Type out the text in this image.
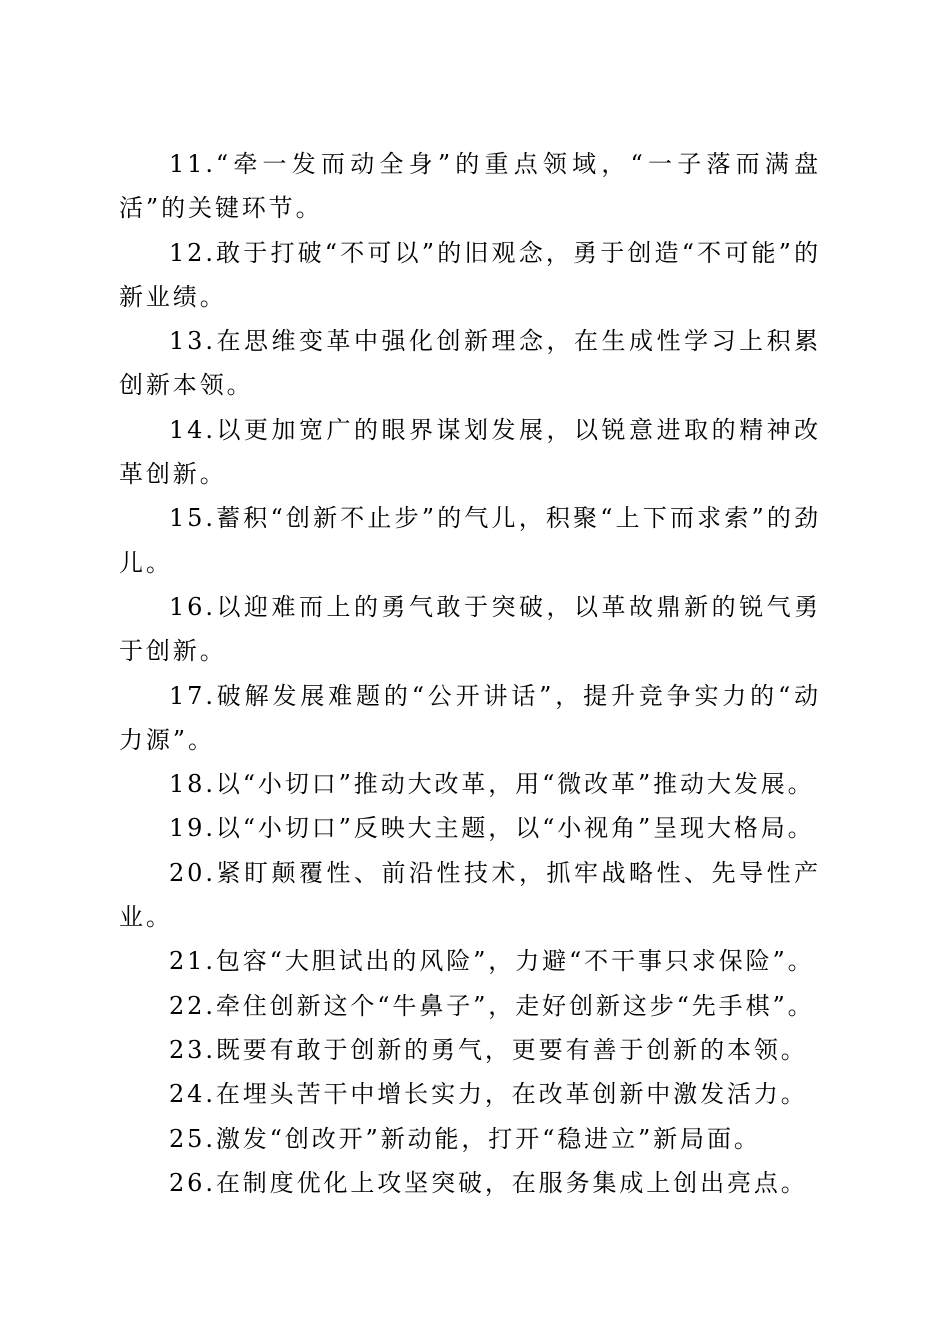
11.“牵一发而动全身”的重点领域，“一子落而满盘活”的关键环节。

12.敢于打破“不可以”的旧观念，勇于创造“不可能”的新业绩。

13.在思维变革中强化创新理念，在生成性学习上积累创新本领。

14.以更加宽广的眼界谋划发展，以锐意进取的精神改革创新。

15.蓄积“创新不止步”的气儿，积聚“上下而求索”的劲儿。

16.以迎难而上的勇气敢于突破，以革故鼎新的锐气勇于创新。

17.破解发展难题的“公开讲话”，提升竞争实力的“动力源”。

18.以“小切口”推动大改革，用“微改革”推动大发展。

19.以“小切口”反映大主题，以“小视角”呈现大格局。

20.紧盯颠覆性、前沿性技术，抓牢战略性、先导性产业。

21.包容“大胆试出的风险”，力避“不干事只求保险”。

22.牵住创新这个“牛鼻子”，走好创新这步“先手棋”。

23.既要有敢于创新的勇气，更要有善于创新的本领。

24.在埋头苦干中增长实力，在改革创新中激发活力。

25.激发“创改开”新动能，打开“稳进立”新局面。

26.在制度优化上攻坚突破，在服务集成上创出亮点。
